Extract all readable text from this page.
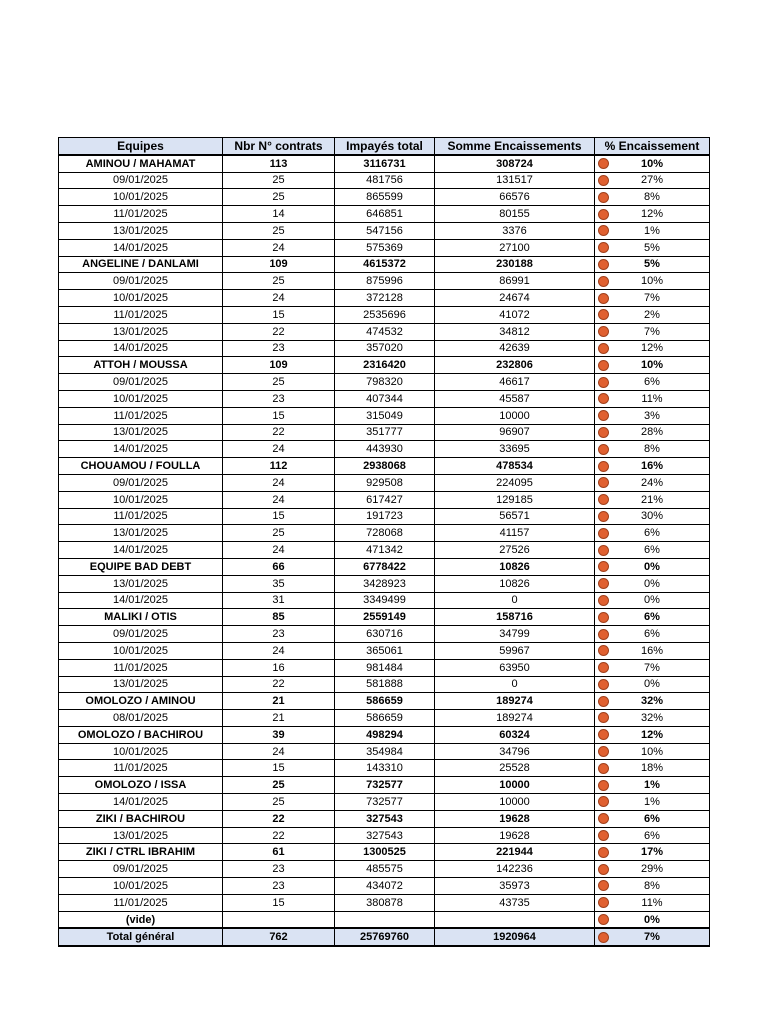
Equipes	Nbr N° contrats	Impayés total	Somme Encaissements	% Encaissement
AMINOU / MAHAMAT	113	3116731	308724	10%
09/01/2025	25	481756	131517	27%
10/01/2025	25	865599	66576	8%
11/01/2025	14	646851	80155	12%
13/01/2025	25	547156	3376	1%
14/01/2025	24	575369	27100	5%
ANGELINE / DANLAMI	109	4615372	230188	5%
09/01/2025	25	875996	86991	10%
10/01/2025	24	372128	24674	7%
11/01/2025	15	2535696	41072	2%
13/01/2025	22	474532	34812	7%
14/01/2025	23	357020	42639	12%
ATTOH / MOUSSA	109	2316420	232806	10%
09/01/2025	25	798320	46617	6%
10/01/2025	23	407344	45587	11%
11/01/2025	15	315049	10000	3%
13/01/2025	22	351777	96907	28%
14/01/2025	24	443930	33695	8%
CHOUAMOU / FOULLA	112	2938068	478534	16%
09/01/2025	24	929508	224095	24%
10/01/2025	24	617427	129185	21%
11/01/2025	15	191723	56571	30%
13/01/2025	25	728068	41157	6%
14/01/2025	24	471342	27526	6%
EQUIPE BAD DEBT	66	6778422	10826	0%
13/01/2025	35	3428923	10826	0%
14/01/2025	31	3349499	0	0%
MALIKI / OTIS	85	2559149	158716	6%
09/01/2025	23	630716	34799	6%
10/01/2025	24	365061	59967	16%
11/01/2025	16	981484	63950	7%
13/01/2025	22	581888	0	0%
OMOLOZO / AMINOU	21	586659	189274	32%
08/01/2025	21	586659	189274	32%
OMOLOZO / BACHIROU	39	498294	60324	12%
10/01/2025	24	354984	34796	10%
11/01/2025	15	143310	25528	18%
OMOLOZO / ISSA	25	732577	10000	1%
14/01/2025	25	732577	10000	1%
ZIKI / BACHIROU	22	327543	19628	6%
13/01/2025	22	327543	19628	6%
ZIKI / CTRL IBRAHIM	61	1300525	221944	17%
09/01/2025	23	485575	142236	29%
10/01/2025	23	434072	35973	8%
11/01/2025	15	380878	43735	11%
(vide)				0%
Total général	762	25769760	1920964	7%
